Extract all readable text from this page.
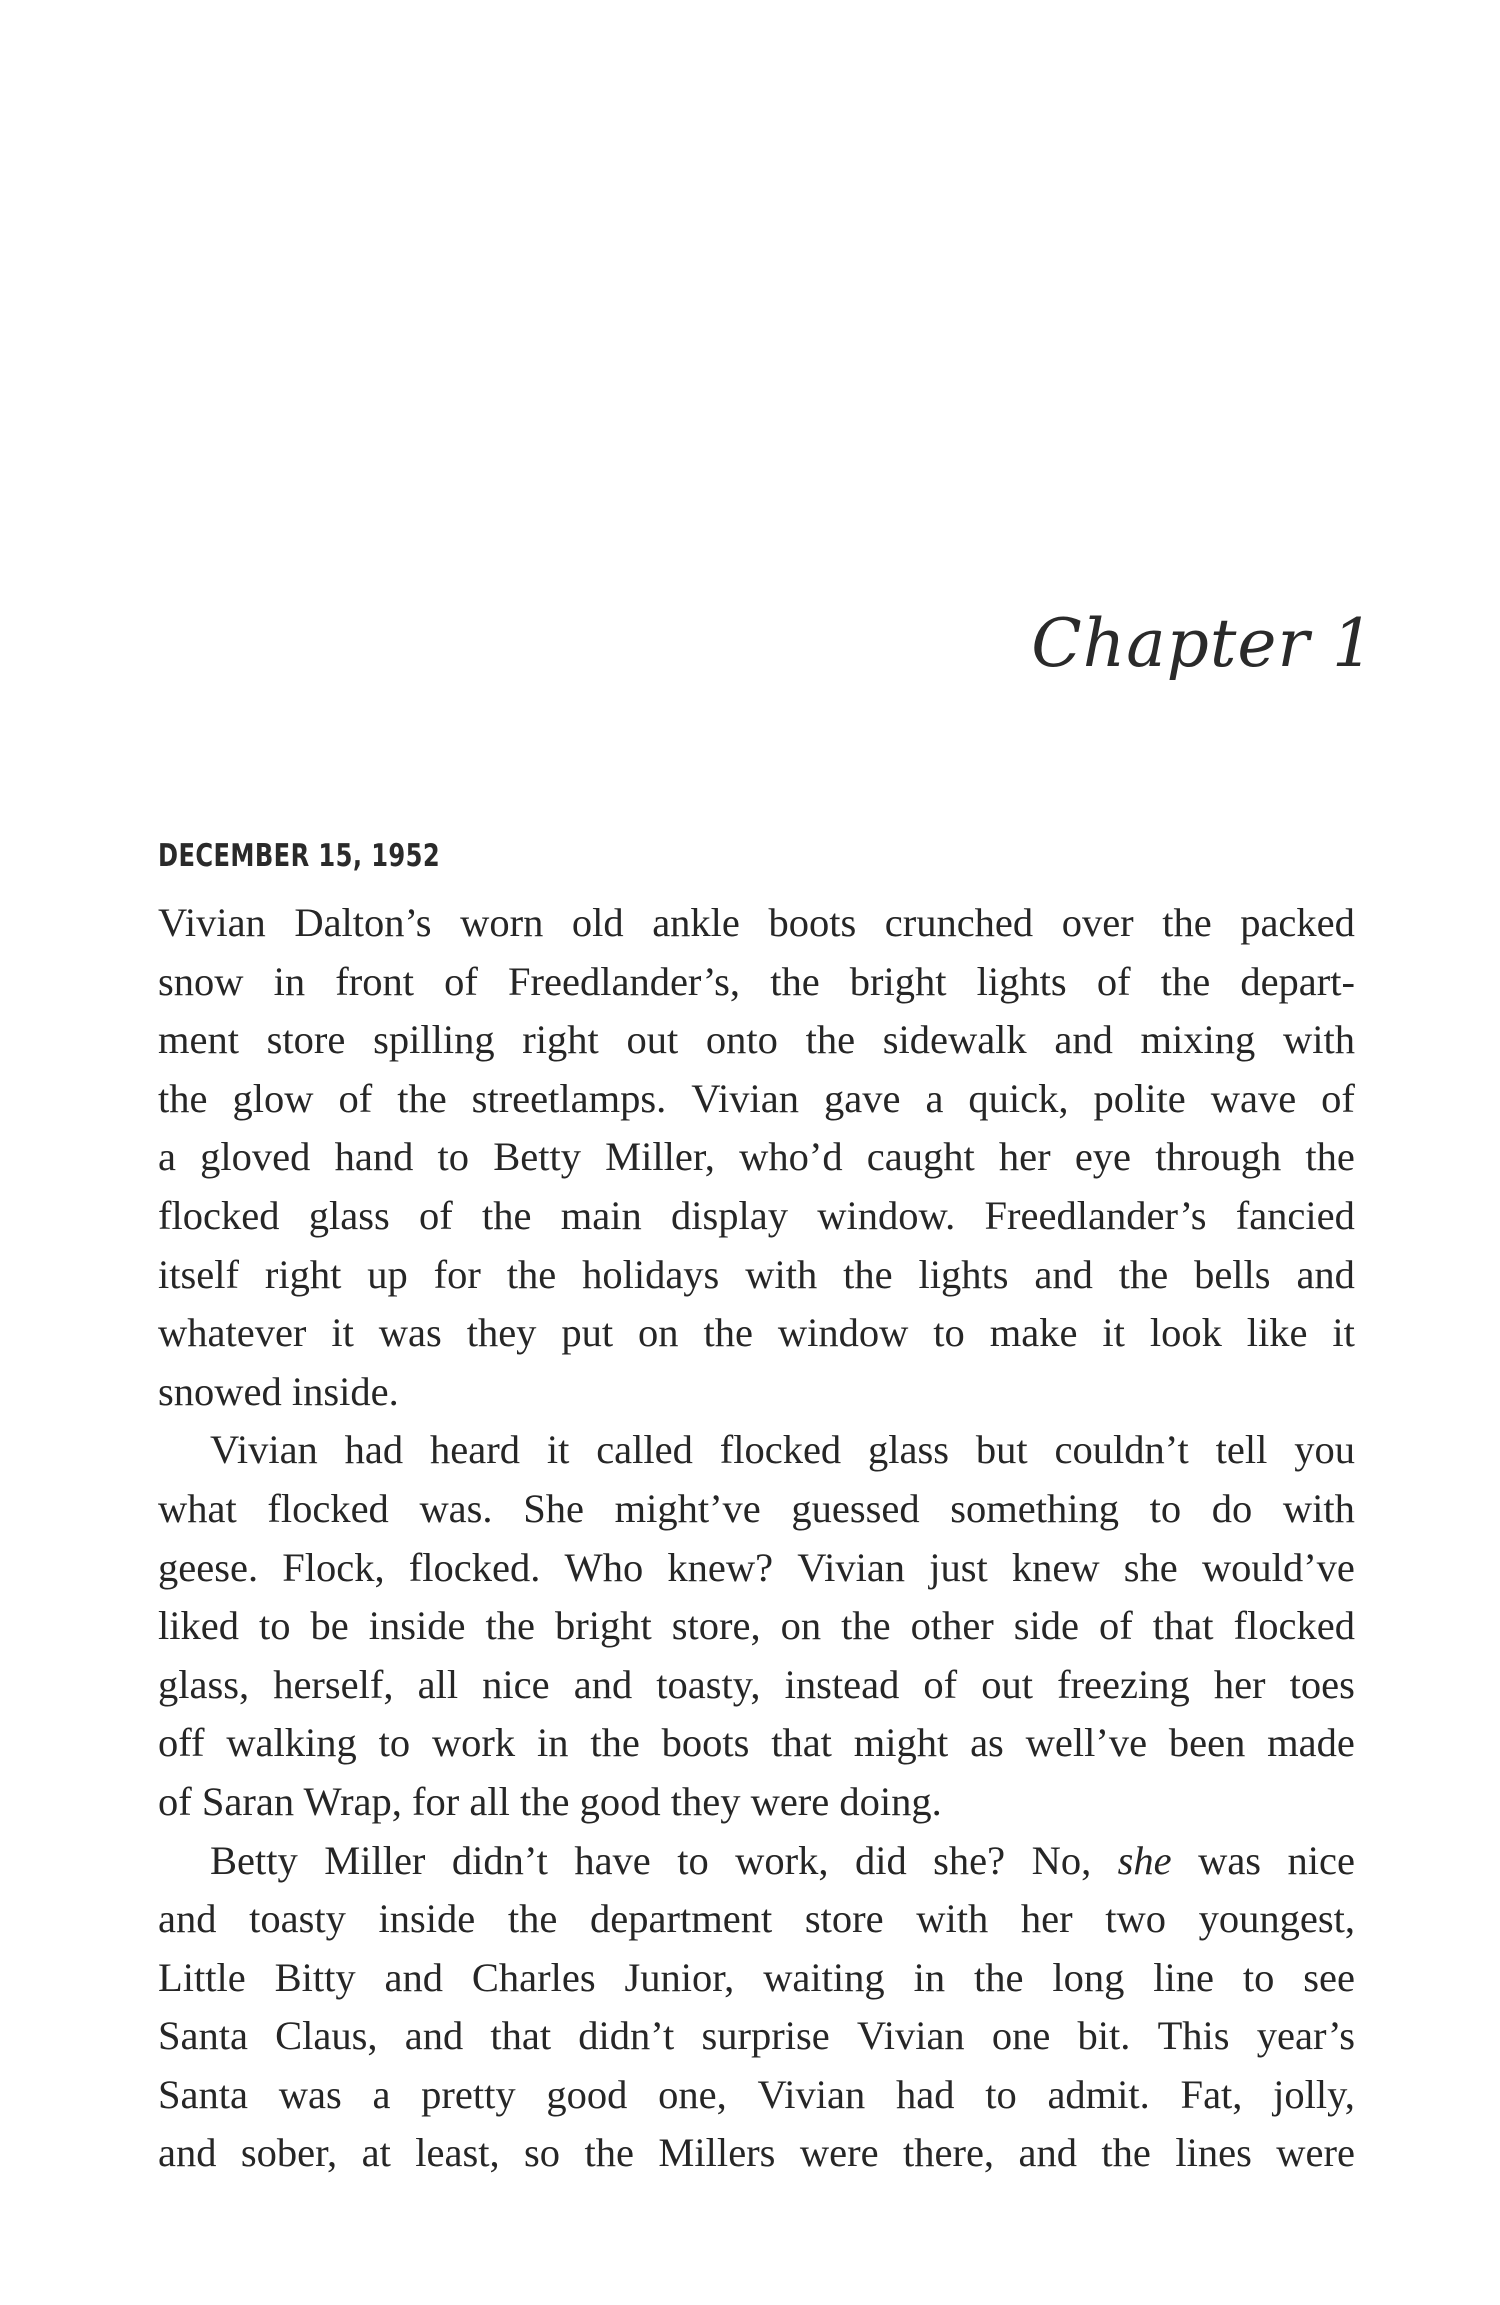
Chapter 1
DECEMBER 15, 1952

Vivian Dalton’s worn old ankle boots crunched over the packed
snow in front of Freedlander’s, the bright lights of the depart-
ment store spilling right out onto the sidewalk and mixing with
the glow of the streetlamps. Vivian gave a quick, polite wave of
a gloved hand to Betty Miller, who’d caught her eye through the
flocked glass of the main display window. Freedlander’s fancied
itself right up for the holidays with the lights and the bells and
whatever it was they put on the window to make it look like it
snowed inside.

Vivian had heard it called flocked glass but couldn’t tell you
what flocked was. She might’ve guessed something to do with
geese. Flock, flocked. Who knew? Vivian just knew she would’ve
liked to be inside the bright store, on the other side of that flocked
glass, herself, all nice and toasty, instead of out freezing her toes
off walking to work in the boots that might as well’ve been made
of Saran Wrap, for all the good they were doing.

Betty Miller didn’t have to work, did she? No, she was nice
and toasty inside the department store with her two youngest,
Little Bitty and Charles Junior, waiting in the long line to see
Santa Claus, and that didn’t surprise Vivian one bit. This year’s
Santa was a pretty good one, Vivian had to admit. Fat, jolly,
and sober, at least, so the Millers were there, and the lines were
